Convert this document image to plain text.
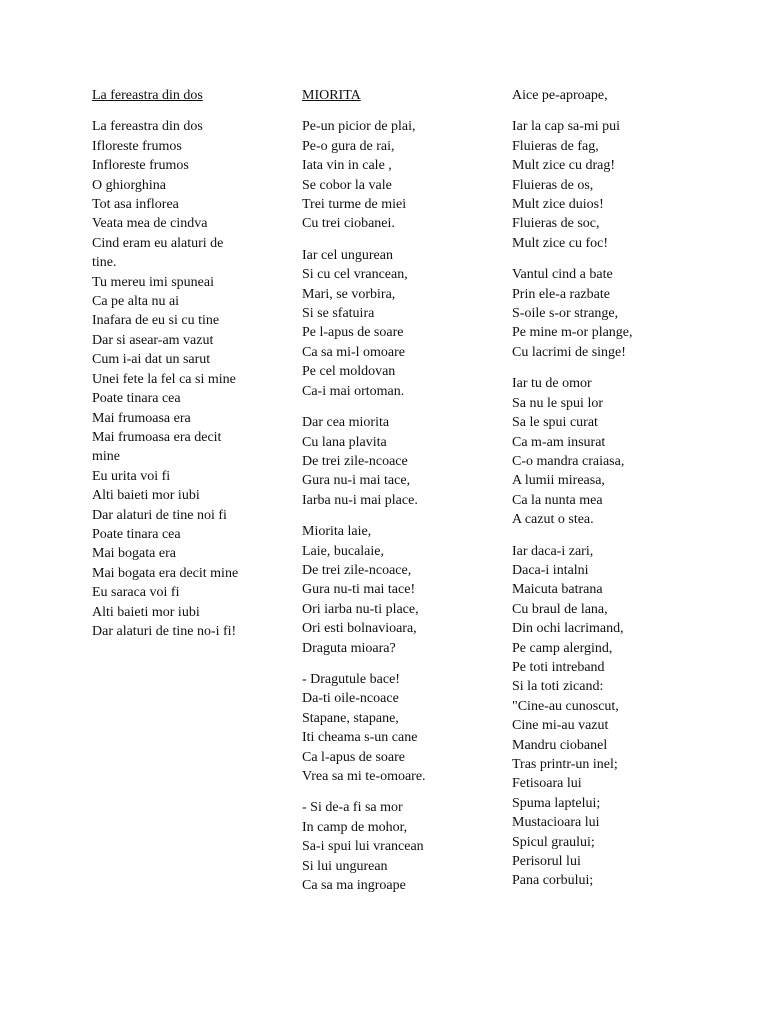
La fereastra din dos
La fereastra din dos
Ifloreste frumos
Infloreste frumos
O ghiorghina
Tot asa inflorea
Veata mea de cindva
Cind eram eu alaturi de
tine.
Tu mereu imi spuneai
Ca pe alta nu ai
Inafara de eu si cu tine
Dar si asear-am vazut
Cum i-ai dat un sarut
Unei fete la fel ca si mine
Poate tinara cea
Mai frumoasa era
Mai frumoasa era decit
mine
Eu urita voi fi
Alti baieti mor iubi
Dar alaturi de tine noi fi
Poate tinara cea
Mai bogata era
Mai bogata era decit mine
Eu saraca voi fi
Alti baieti mor iubi
Dar alaturi de tine no-i fi!
MIORITA
Pe-un picior de plai,
Pe-o gura de rai,
Iata vin in cale ,
Se cobor la vale
Trei turme de miei
Cu trei ciobanei.
Iar cel ungurean
Si cu cel vrancean,
Mari, se vorbira,
Si se sfatuira
Pe l-apus de soare
Ca sa mi-l omoare
Pe cel moldovan
Ca-i mai ortoman.
Dar cea miorita
Cu lana plavita
De trei zile-ncoace
Gura nu-i mai tace,
Iarba nu-i mai place.
Miorita laie,
Laie, bucalaie,
De trei zile-ncoace,
Gura nu-ti mai tace!
Ori iarba nu-ti place,
Ori esti bolnavioara,
Draguta mioara?
- Dragutule bace!
Da-ti oile-ncoace
Stapane, stapane,
Iti cheama s-un cane
Ca l-apus de soare
Vrea sa mi te-omoare.
- Si de-a fi sa mor
In camp de mohor,
Sa-i spui lui vrancean
Si lui ungurean
Ca sa ma ingroape
Aice pe-aproape,
Iar la cap sa-mi pui
Fluieras de fag,
Mult zice cu drag!
Fluieras de os,
Mult zice duios!
Fluieras de soc,
Mult zice cu foc!
Vantul cind a bate
Prin ele-a razbate
S-oile s-or strange,
Pe mine m-or plange,
Cu lacrimi de singe!
Iar tu de omor
Sa nu le spui lor
Sa le spui curat
Ca m-am insurat
C-o mandra craiasa,
A lumii mireasa,
Ca la nunta mea
A cazut o stea.
Iar daca-i zari,
Daca-i intalni
Maicuta batrana
Cu braul de lana,
Din ochi lacrimand,
Pe camp alergind,
Pe toti intreband
Si la toti zicand:
"Cine-au cunoscut,
Cine mi-au vazut
Mandru ciobanel
Tras printr-un inel;
Fetisoara lui
Spuma laptelui;
Mustacioara lui
Spicul graului;
Perisorul lui
Pana corbului;
